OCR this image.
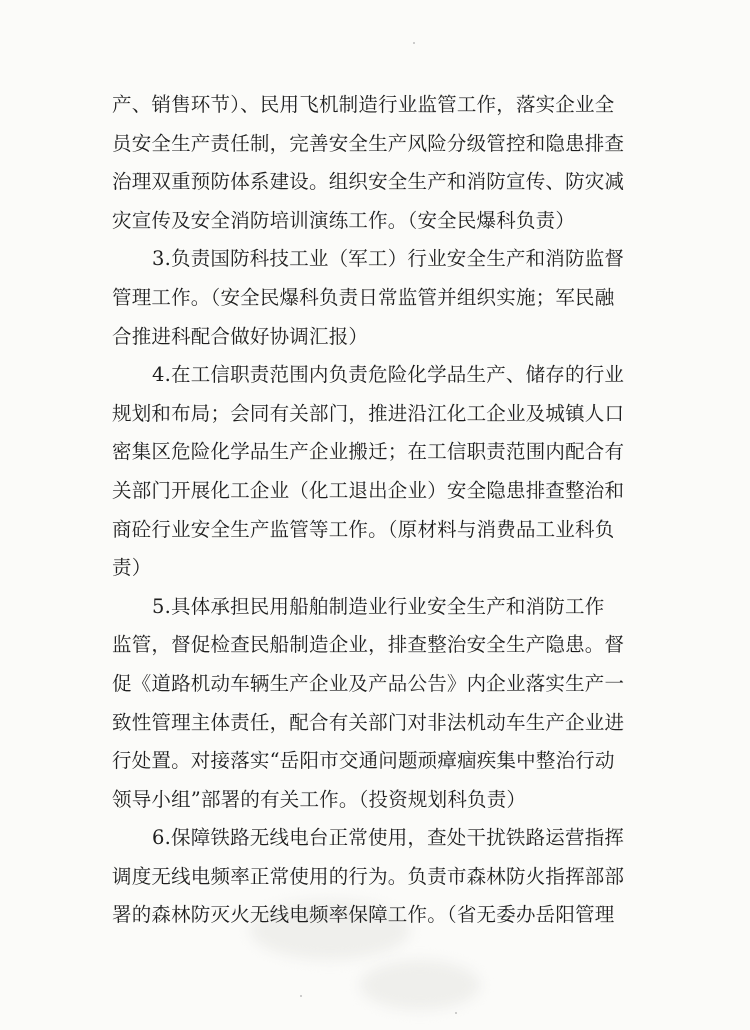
产、销售环节）、民用飞机制造行业监管工作，落实企业全
员安全生产责任制，完善安全生产风险分级管控和隐患排查
治理双重预防体系建设。组织安全生产和消防宣传、防灾减
灾宣传及安全消防培训演练工作。（安全民爆科负责）

3.负责国防科技工业（军工）行业安全生产和消防监督
管理工作。（安全民爆科负责日常监管并组织实施；军民融
合推进科配合做好协调汇报）

4.在工信职责范围内负责危险化学品生产、储存的行业
规划和布局；会同有关部门，推进沿江化工企业及城镇人口
密集区危险化学品生产企业搬迁；在工信职责范围内配合有
关部门开展化工企业（化工退出企业）安全隐患排查整治和
商砼行业安全生产监管等工作。（原材料与消费品工业科负
责）

5.具体承担民用船舶制造业行业安全生产和消防工作
监管，督促检查民船制造企业，排查整治安全生产隐患。督
促《道路机动车辆生产企业及产品公告》内企业落实生产一
致性管理主体责任，配合有关部门对非法机动车生产企业进
行处置。对接落实“岳阳市交通问题顽瘴痼疾集中整治行动
领导小组”部署的有关工作。（投资规划科负责）

6.保障铁路无线电台正常使用，查处干扰铁路运营指挥
调度无线电频率正常使用的行为。负责市森林防火指挥部部
署的森林防灭火无线电频率保障工作。（省无委办岳阳管理
